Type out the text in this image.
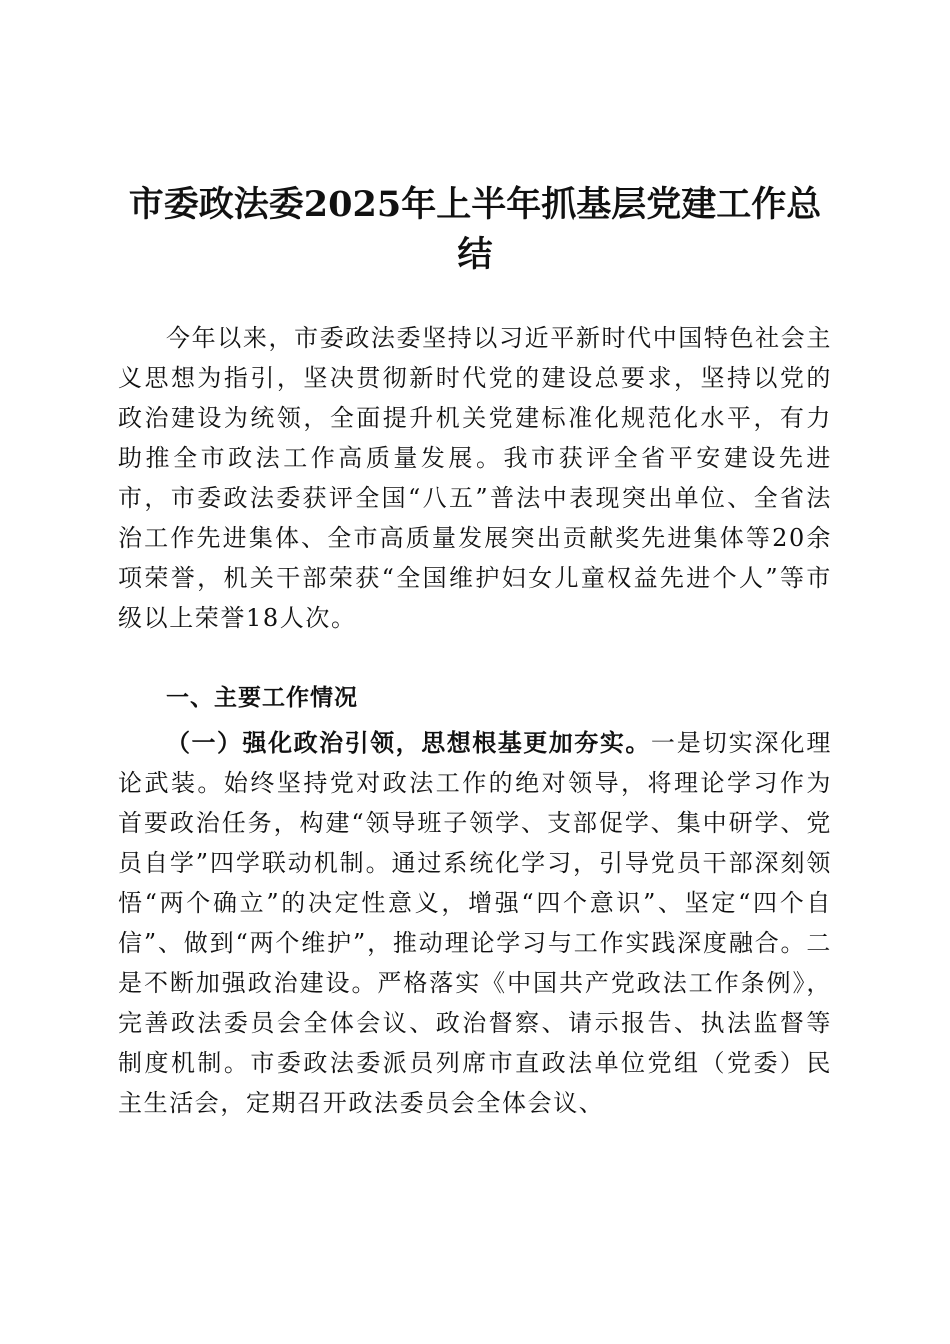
市委政法委2025年上半年抓基层党建工作总结

今年以来，市委政法委坚持以习近平新时代中国特色社会主义思想为指引，坚决贯彻新时代党的建设总要求，坚持以党的政治建设为统领，全面提升机关党建标准化规范化水平，有力助推全市政法工作高质量发展。我市获评全省平安建设先进市，市委政法委获评全国“八五”普法中表现突出单位、全省法治工作先进集体、全市高质量发展突出贡献奖先进集体等20余项荣誉，机关干部荣获“全国维护妇女儿童权益先进个人”等市级以上荣誉18人次。

一、主要工作情况

（一）强化政治引领，思想根基更加夯实。一是切实深化理论武装。始终坚持党对政法工作的绝对领导，将理论学习作为首要政治任务，构建“领导班子领学、支部促学、集中研学、党员自学”四学联动机制。通过系统化学习，引导党员干部深刻领悟“两个确立”的决定性意义，增强“四个意识”、坚定“四个自信”、做到“两个维护”，推动理论学习与工作实践深度融合。二是不断加强政治建设。严格落实《中国共产党政法工作条例》，完善政法委员会全体会议、政治督察、请示报告、执法监督等制度机制。市委政法委派员列席市直政法单位党组（党委）民主生活会，定期召开政法委员会全体会议、
